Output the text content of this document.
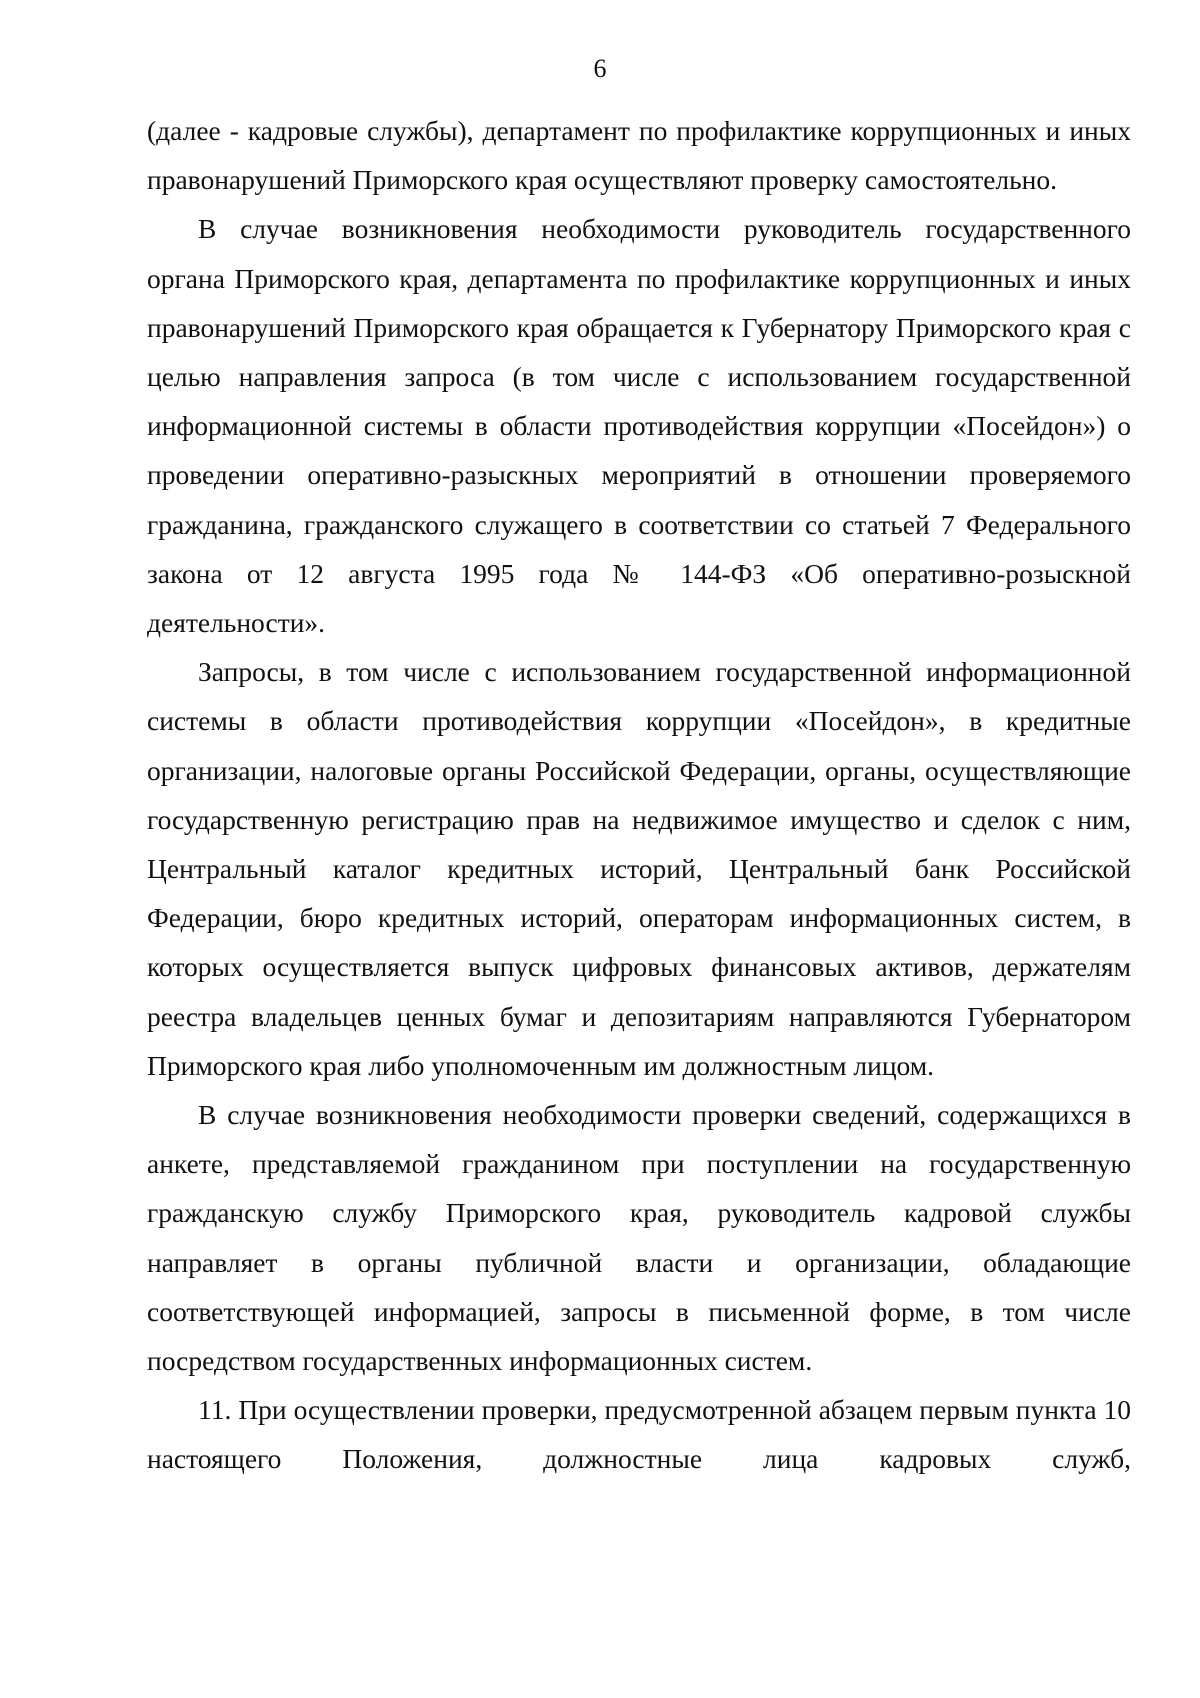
6

(далее - кадровые службы), департамент по профилактике коррупционных и иных правонарушений Приморского края осуществляют проверку самостоятельно.

В случае возникновения необходимости руководитель государственного органа Приморского края, департамента по профилактике коррупционных и иных правонарушений Приморского края обращается к Губернатору Приморского края с целью направления запроса (в том числе с использованием государственной информационной системы в области противодействия коррупции «Посейдон») о проведении оперативно-разыскных мероприятий в отношении проверяемого гражданина, гражданского служащего в соответствии со статьей 7 Федерального закона от 12 августа 1995 года № 144-ФЗ «Об оперативно-розыскной деятельности».

Запросы, в том числе с использованием государственной информационной системы в области противодействия коррупции «Посейдон», в кредитные организации, налоговые органы Российской Федерации, органы, осуществляющие государственную регистрацию прав на недвижимое имущество и сделок с ним, Центральный каталог кредитных историй, Центральный банк Российской Федерации, бюро кредитных историй, операторам информационных систем, в которых осуществляется выпуск цифровых финансовых активов, держателям реестра владельцев ценных бумаг и депозитариям направляются Губернатором Приморского края либо уполномоченным им должностным лицом.

В случае возникновения необходимости проверки сведений, содержащихся в анкете, представляемой гражданином при поступлении на государственную гражданскую службу Приморского края, руководитель кадровой службы направляет в органы публичной власти и организации, обладающие соответствующей информацией, запросы в письменной форме, в том числе посредством государственных информационных систем.

11. При осуществлении проверки, предусмотренной абзацем первым пункта 10 настоящего Положения, должностные лица кадровых служб,
